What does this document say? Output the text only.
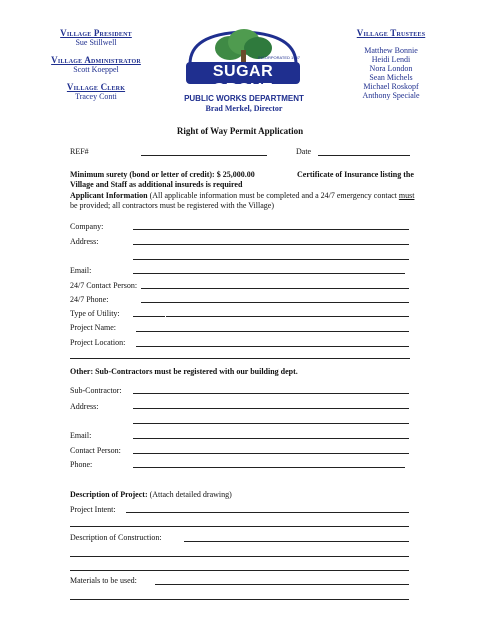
Village President
Sue Stillwell
Village Administrator
Scott Koeppel
Village Clerk
Tracey Conti
INCORPORATED 1957
SUGAR GROVE
PUBLIC WORKS DEPARTMENT
Brad Merkel, Director
Village Trustees
Matthew Bonnie
Heidi Lendi
Nora London
Sean Michels
Michael Roskopf
Anthony Speciale
Right of Way Permit Application
REF#	Date
Minimum surety (bond or letter of credit): $ 25,000.00	Certificate of Insurance listing the Village and Staff as additional insureds is required
Applicant Information (All applicable information must be completed and a 24/7 emergency contact must be provided; all contractors must be registered with the Village)
Company:
Address:
Email:
24/7 Contact Person:
24/7 Phone:
Type of Utility:
Project Name:
Project Location:
Other: Sub-Contractors must be registered with our building dept.
Sub-Contractor:
Address:
Email:
Contact Person:
Phone:
Description of Project: (Attach detailed drawing)
Project Intent:
Description of Construction:
Materials to be used:
